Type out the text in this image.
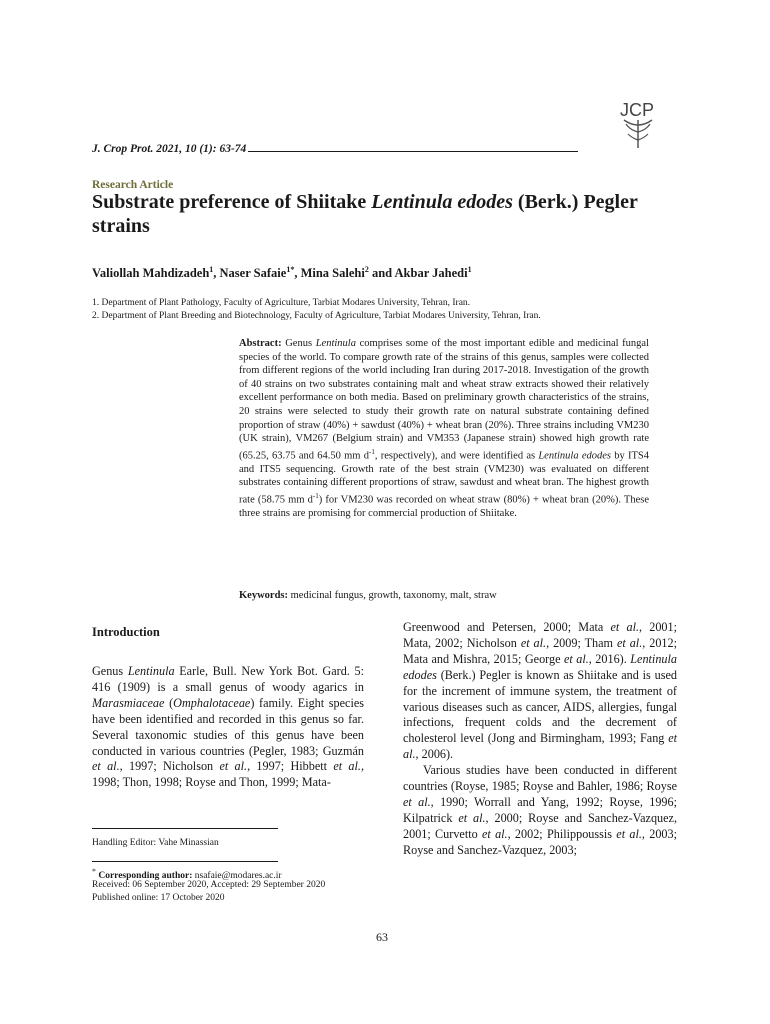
JCP
J. Crop Prot. 2021, 10 (1): 63-74
Research Article
Substrate preference of Shiitake Lentinula edodes (Berk.) Pegler strains
Valiollah Mahdizadeh$^1$, Naser Safaie$^{1*}$, Mina Salehi$^2$ and Akbar Jahedi$^1$
1. Department of Plant Pathology, Faculty of Agriculture, Tarbiat Modares University, Tehran, Iran.
2. Department of Plant Breeding and Biotechnology, Faculty of Agriculture, Tarbiat Modares University, Tehran, Iran.
Abstract: Genus Lentinula comprises some of the most important edible and medicinal fungal species of the world. To compare growth rate of the strains of this genus, samples were collected from different regions of the world including Iran during 2017-2018. Investigation of the growth of 40 strains on two substrates containing malt and wheat straw extracts showed their relatively excellent performance on both media. Based on preliminary growth characteristics of the strains, 20 strains were selected to study their growth rate on natural substrate containing defined proportion of straw (40%) + sawdust (40%) + wheat bran (20%). Three strains including VM230 (UK strain), VM267 (Belgium strain) and VM353 (Japanese strain) showed high growth rate (65.25, 63.75 and 64.50 mm $d^{-1}$, respectively), and were identified as Lentinula edodes by ITS4 and ITS5 sequencing. Growth rate of the best strain (VM230) was evaluated on different substrates containing different proportions of straw, sawdust and wheat bran. The highest growth rate (58.75 mm $d^{-1}$) for VM230 was recorded on wheat straw (80%) + wheat bran (20%). These three strains are promising for commercial production of Shiitake.
Keywords: medicinal fungus, growth, taxonomy, malt, straw
Introduction
Genus Lentinula Earle, Bull. New York Bot. Gard. 5: 416 (1909) is a small genus of woody agarics in Marasmiaceae (Omphalotaceae) family. Eight species have been identified and recorded in this genus so far. Several taxonomic studies of this genus have been conducted in various countries (Pegler, 1983; Guzmán et al., 1997; Nicholson et al., 1997; Hibbett et al., 1998; Thon, 1998; Royse and Thon, 1999; Mata-
Greenwood and Petersen, 2000; Mata et al., 2001; Mata, 2002; Nicholson et al., 2009; Tham et al., 2012; Mata and Mishra, 2015; George et al., 2016). Lentinula edodes (Berk.) Pegler is known as Shiitake and is used for the increment of immune system, the treatment of various diseases such as cancer, AIDS, allergies, fungal infections, frequent colds and the decrement of cholesterol level (Jong and Birmingham, 1993; Fang et al., 2006).
Various studies have been conducted in different countries (Royse, 1985; Royse and Bahler, 1986; Royse et al., 1990; Worrall and Yang, 1992; Royse, 1996; Kilpatrick et al., 2000; Royse and Sanchez-Vazquez, 2001; Curvetto et al., 2002; Philippoussis et al., 2003; Royse and Sanchez-Vazquez, 2003;
Handling Editor: Vahe Minassian
* Corresponding author: nsafaie@modares.ac.ir
Received: 06 September 2020, Accepted: 29 September 2020
Published online: 17 October 2020
63
